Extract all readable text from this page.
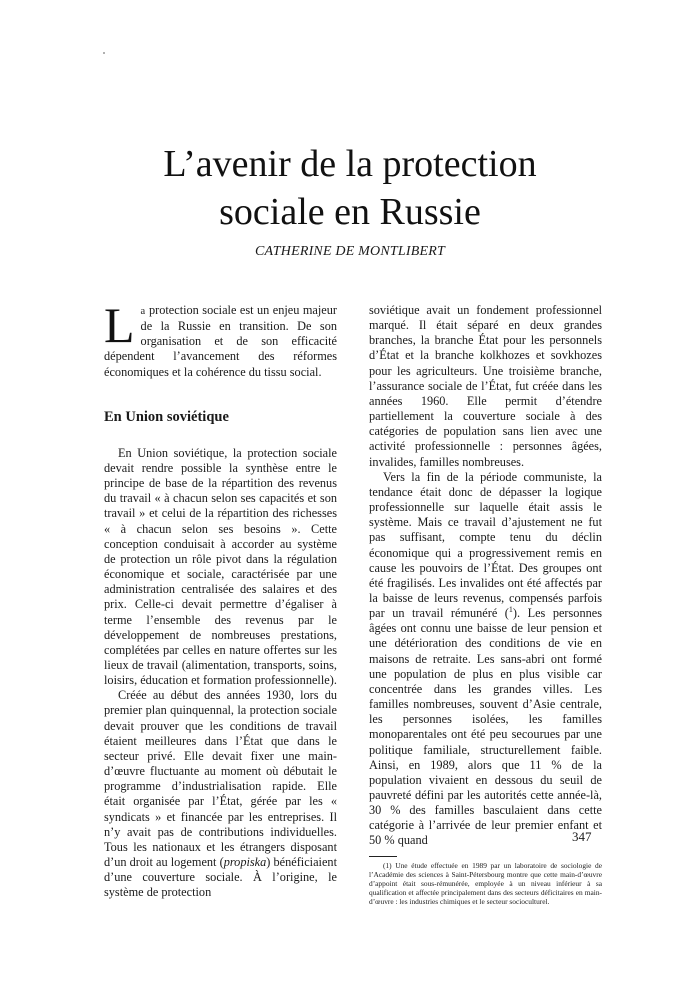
L’avenir de la protection
sociale en Russie
CATHERINE DE MONTLIBERT

La protection sociale est un enjeu majeur de la Russie en transition. De son organisation et de son efficacité dépendent l’avancement des réformes économiques et la cohérence du tissu social.

En Union soviétique

En Union soviétique, la protection sociale devait rendre possible la synthèse entre le principe de base de la répartition des revenus du travail « à chacun selon ses capacités et son travail » et celui de la répartition des richesses « à chacun selon ses besoins ». Cette conception conduisait à accorder au système de protection un rôle pivot dans la régulation économique et sociale, caractérisée par une administration centralisée des salaires et des prix. Celle-ci devait permettre d’égaliser à terme l’ensemble des revenus par le développement de nombreuses prestations, complétées par celles en nature offertes sur les lieux de travail (alimentation, transports, soins, loisirs, éducation et formation professionnelle).

Créée au début des années 1930, lors du premier plan quinquennal, la protection sociale devait prouver que les conditions de travail étaient meilleures dans l’État que dans le secteur privé. Elle devait fixer une main-d’œuvre fluctuante au moment où débutait le programme d’industrialisation rapide. Elle était organisée par l’État, gérée par les « syndicats » et financée par les entreprises. Il n’y avait pas de contributions individuelles. Tous les nationaux et les étrangers disposant d’un droit au logement (propiska) bénéficiaient d’une couverture sociale. À l’origine, le système de protection

soviétique avait un fondement professionnel marqué. Il était séparé en deux grandes branches, la branche État pour les personnels d’État et la branche kolkhozes et sovkhozes pour les agriculteurs. Une troisième branche, l’assurance sociale de l’État, fut créée dans les années 1960. Elle permit d’étendre partiellement la couverture sociale à des catégories de population sans lien avec une activité professionnelle : personnes âgées, invalides, familles nombreuses.

Vers la fin de la période communiste, la tendance était donc de dépasser la logique professionnelle sur laquelle était assis le système. Mais ce travail d’ajustement ne fut pas suffisant, compte tenu du déclin économique qui a progressivement remis en cause les pouvoirs de l’État. Des groupes ont été fragilisés. Les invalides ont été affectés par la baisse de leurs revenus, compensés parfois par un travail rémunéré ($^1$). Les personnes âgées ont connu une baisse de leur pension et une détérioration des conditions de vie en maisons de retraite. Les sans-abri ont formé une population de plus en plus visible car concentrée dans les grandes villes. Les familles nombreuses, souvent d’Asie centrale, les personnes isolées, les familles monoparentales ont été peu secourues par une politique familiale, structurellement faible. Ainsi, en 1989, alors que 11 % de la population vivaient en dessous du seuil de pauvreté défini par les autorités cette année-là, 30 % des familles basculaient dans cette catégorie à l’arrivée de leur premier enfant et 50 % quand

(1) Une étude effectuée en 1989 par un laboratoire de sociologie de l’Académie des sciences à Saint-Pétersbourg montre que cette main-d’œuvre d’appoint était sous-rémunérée, employée à un niveau inférieur à sa qualification et affectée principalement dans des secteurs déficitaires en main-d’œuvre : les industries chimiques et le secteur socioculturel.

347
